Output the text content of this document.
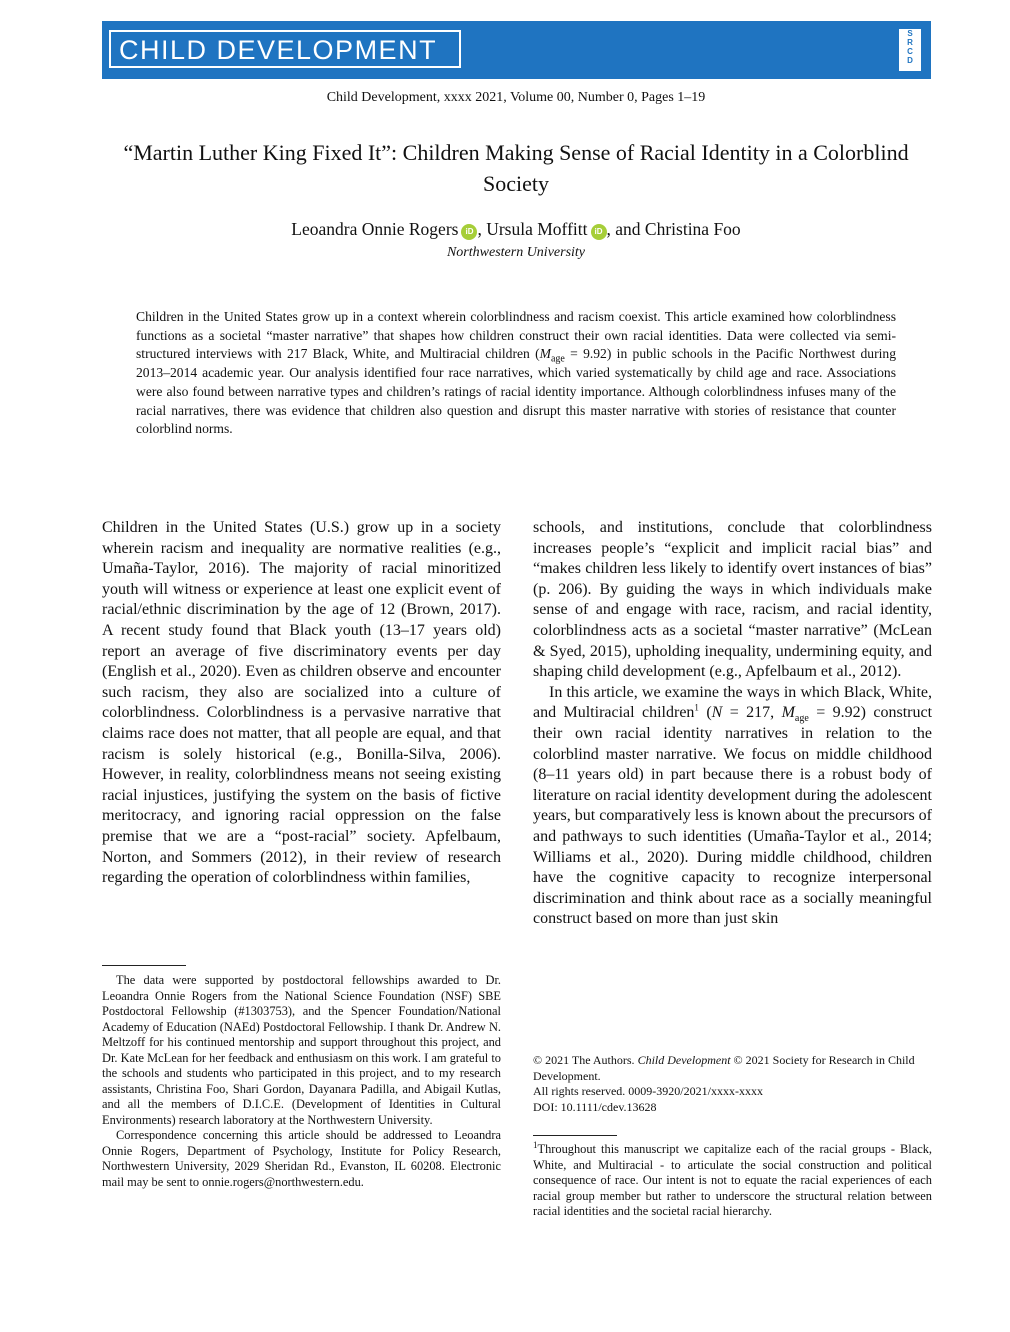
CHILD DEVELOPMENT
S
R
C
D
Child Development, xxxx 2021, Volume 00, Number 0, Pages 1–19
“Martin Luther King Fixed It”: Children Making Sense of Racial Identity in a Colorblind Society
Leoandra Onnie Rogers iD , Ursula Moffitt iD , and Christina Foo
Northwestern University
Children in the United States grow up in a context wherein colorblindness and racism coexist. This article examined how colorblindness functions as a societal “master narrative” that shapes how children construct their own racial identities. Data were collected via semi-structured interviews with 217 Black, White, and Multiracial children $(M_{age} = 9.92)$ in public schools in the Pacific Northwest during 2013–2014 academic year. Our analysis identified four race narratives, which varied systematically by child age and race. Associations were also found between narrative types and children’s ratings of racial identity importance. Although colorblindness infuses many of the racial narratives, there was evidence that children also question and disrupt this master narrative with stories of resistance that counter colorblind norms.

Children in the United States (U.S.) grow up in a society wherein racism and inequality are normative realities (e.g., Umaña-Taylor, 2016). The majority of racial minoritized youth will witness or experience at least one explicit event of racial/ethnic discrimination by the age of 12 (Brown, 2017). A recent study found that Black youth (13–17 years old) report an average of five discriminatory events per day (English et al., 2020). Even as children observe and encounter such racism, they also are socialized into a culture of colorblindness. Colorblindness is a pervasive narrative that claims race does not matter, that all people are equal, and that racism is solely historical (e.g., Bonilla-Silva, 2006). However, in reality, colorblindness means not seeing existing racial injustices, justifying the system on the basis of fictive meritocracy, and ignoring racial oppression on the false premise that we are a “post-racial” society. Apfelbaum, Norton, and Sommers (2012), in their review of research regarding the operation of colorblindness within families,

schools, and institutions, conclude that colorblindness increases people’s “explicit and implicit racial bias” and “makes children less likely to identify overt instances of bias” (p. 206). By guiding the ways in which individuals make sense of and engage with race, racism, and racial identity, colorblindness acts as a societal “master narrative” (McLean & Syed, 2015), upholding inequality, undermining equity, and shaping child development (e.g., Apfelbaum et al., 2012).

In this article, we examine the ways in which Black, White, and Multiracial children$^1$ (N = 217, $M_{age} = 9.92$) construct their own racial identity narratives in relation to the colorblind master narrative. We focus on middle childhood (8–11 years old) in part because there is a robust body of literature on racial identity development during the adolescent years, but comparatively less is known about the precursors of and pathways to such identities (Umaña-Taylor et al., 2014; Williams et al., 2020). During middle childhood, children have the cognitive capacity to recognize interpersonal discrimination and think about race as a socially meaningful construct based on more than just skin

The data were supported by postdoctoral fellowships awarded to Dr. Leoandra Onnie Rogers from the National Science Foundation (NSF) SBE Postdoctoral Fellowship (#1303753), and the Spencer Foundation/National Academy of Education (NAEd) Postdoctoral Fellowship. I thank Dr. Andrew N. Meltzoff for his continued mentorship and support throughout this project, and Dr. Kate McLean for her feedback and enthusiasm on this work. I am grateful to the schools and students who participated in this project, and to my research assistants, Christina Foo, Shari Gordon, Dayanara Padilla, and Abigail Kutlas, and all the members of D.I.C.E. (Development of Identities in Cultural Environments) research laboratory at the Northwestern University.

Correspondence concerning this article should be addressed to Leoandra Onnie Rogers, Department of Psychology, Institute for Policy Research, Northwestern University, 2029 Sheridan Rd., Evanston, IL 60208. Electronic mail may be sent to onnie.rogers@northwestern.edu.

© 2021 The Authors. Child Development © 2021 Society for Research in Child Development.

All rights reserved. 0009-3920/2021/xxxx-xxxx

DOI: 10.1111/cdev.13628

$^1$Throughout this manuscript we capitalize each of the racial groups - Black, White, and Multiracial - to articulate the social construction and political consequence of race. Our intent is not to equate the racial experiences of each racial group member but rather to underscore the structural relation between racial identities and the societal racial hierarchy.
